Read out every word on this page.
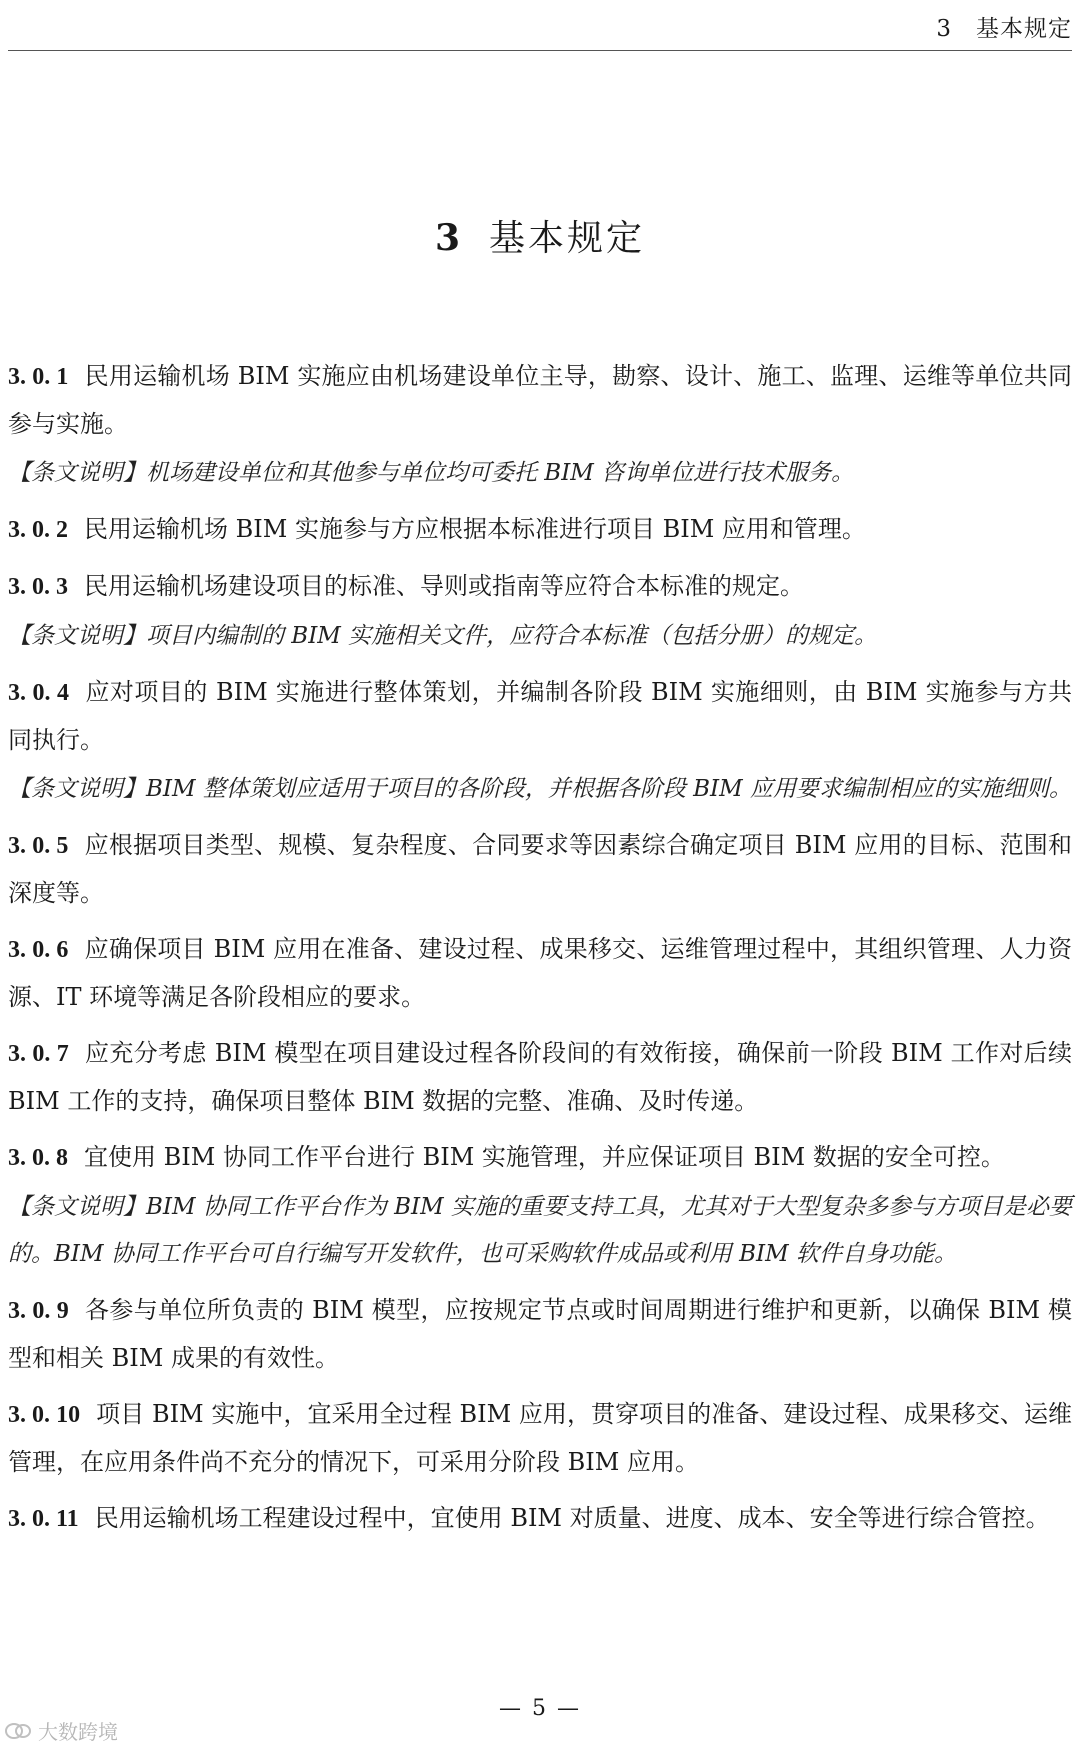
3　基本规定
3 基本规定

3. 0. 1 民用运输机场 BIM 实施应由机场建设单位主导，勘察、设计、施工、监理、运维等单位共同参与实施。

【条文说明】机场建设单位和其他参与单位均可委托 BIM 咨询单位进行技术服务。

3. 0. 2 民用运输机场 BIM 实施参与方应根据本标准进行项目 BIM 应用和管理。

3. 0. 3 民用运输机场建设项目的标准、导则或指南等应符合本标准的规定。

【条文说明】项目内编制的 BIM 实施相关文件，应符合本标准（包括分册）的规定。

3. 0. 4 应对项目的 BIM 实施进行整体策划，并编制各阶段 BIM 实施细则，由 BIM 实施参与方共同执行。

【条文说明】BIM 整体策划应适用于项目的各阶段，并根据各阶段 BIM 应用要求编制相应的实施细则。

3. 0. 5 应根据项目类型、规模、复杂程度、合同要求等因素综合确定项目 BIM 应用的目标、范围和深度等。

3. 0. 6 应确保项目 BIM 应用在准备、建设过程、成果移交、运维管理过程中，其组织管理、人力资源、IT 环境等满足各阶段相应的要求。

3. 0. 7 应充分考虑 BIM 模型在项目建设过程各阶段间的有效衔接，确保前一阶段 BIM 工作对后续 BIM 工作的支持，确保项目整体 BIM 数据的完整、准确、及时传递。

3. 0. 8 宜使用 BIM 协同工作平台进行 BIM 实施管理，并应保证项目 BIM 数据的安全可控。

【条文说明】BIM 协同工作平台作为 BIM 实施的重要支持工具，尤其对于大型复杂多参与方项目是必要的。BIM 协同工作平台可自行编写开发软件，也可采购软件成品或利用 BIM 软件自身功能。

3. 0. 9 各参与单位所负责的 BIM 模型，应按规定节点或时间周期进行维护和更新，以确保 BIM 模型和相关 BIM 成果的有效性。

3. 0. 10 项目 BIM 实施中，宜采用全过程 BIM 应用，贯穿项目的准备、建设过程、成果移交、运维管理，在应用条件尚不充分的情况下，可采用分阶段 BIM 应用。

3. 0. 11 民用运输机场工程建设过程中，宜使用 BIM 对质量、进度、成本、安全等进行综合管控。

— 5 —
大数跨境
